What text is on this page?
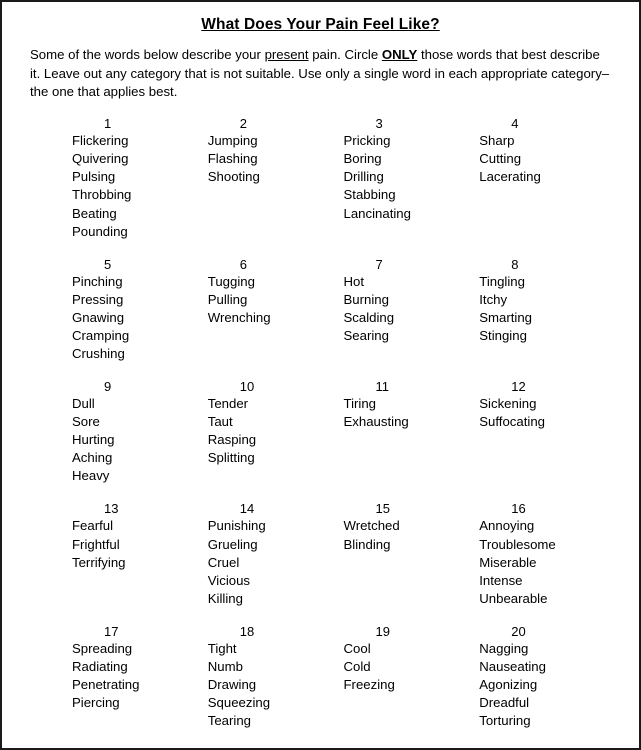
What Does Your Pain Feel Like?
Some of the words below describe your present pain. Circle ONLY those words that best describe it. Leave out any category that is not suitable. Use only a single word in each appropriate category–the one that applies best.
1
Flickering
Quivering
Pulsing
Throbbing
Beating
Pounding
2
Jumping
Flashing
Shooting
3
Pricking
Boring
Drilling
Stabbing
Lancinating
4
Sharp
Cutting
Lacerating
5
Pinching
Pressing
Gnawing
Cramping
Crushing
6
Tugging
Pulling
Wrenching
7
Hot
Burning
Scalding
Searing
8
Tingling
Itchy
Smarting
Stinging
9
Dull
Sore
Hurting
Aching
Heavy
10
Tender
Taut
Rasping
Splitting
11
Tiring
Exhausting
12
Sickening
Suffocating
13
Fearful
Frightful
Terrifying
14
Punishing
Grueling
Cruel
Vicious
Killing
15
Wretched
Blinding
16
Annoying
Troublesome
Miserable
Intense
Unbearable
17
Spreading
Radiating
Penetrating
Piercing
18
Tight
Numb
Drawing
Squeezing
Tearing
19
Cool
Cold
Freezing
20
Nagging
Nauseating
Agonizing
Dreadful
Torturing
